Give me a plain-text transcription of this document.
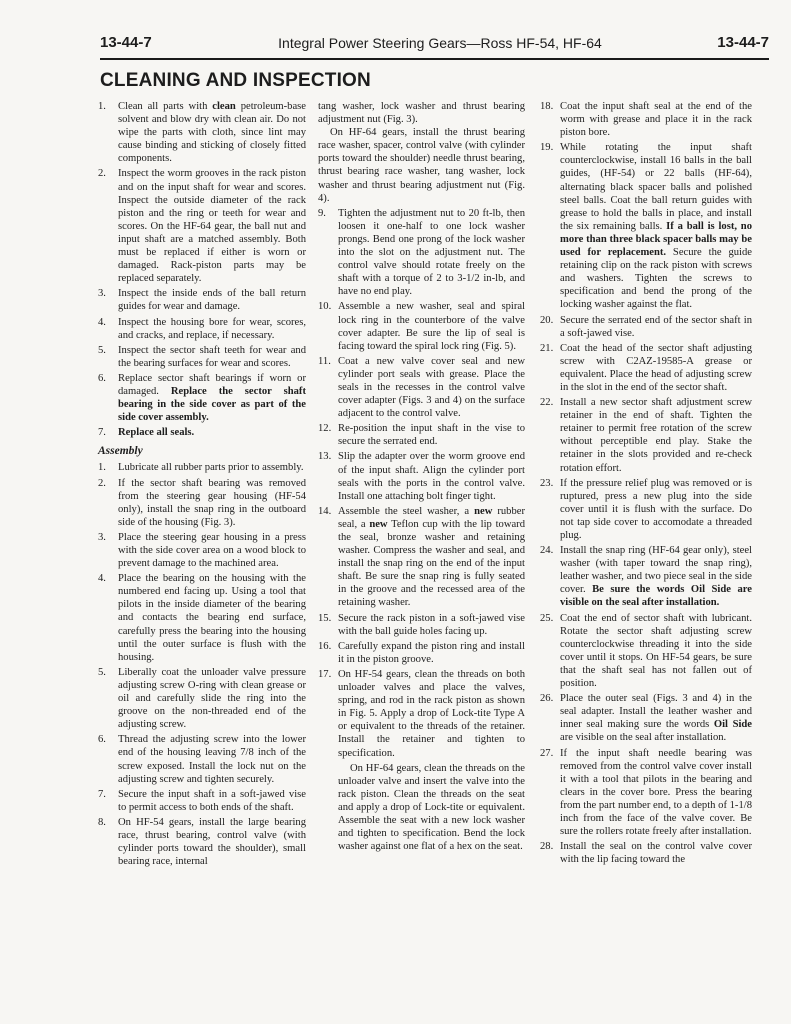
13-44-7	Integral Power Steering Gears—Ross HF-54, HF-64	13-44-7
CLEANING AND INSPECTION
1.	Clean all parts with clean petroleum-base solvent and blow dry with clean air. Do not wipe the parts with cloth, since lint may cause binding and sticking of closely fitted components.
2.	Inspect the worm grooves in the rack piston and on the input shaft for wear and scores. Inspect the outside diameter of the rack piston and the ring or teeth for wear and scores. On the HF-64 gear, the ball nut and input shaft are a matched assembly. Both must be replaced if either is worn or damaged. Rack-piston parts may be replaced separately.
3.	Inspect the inside ends of the ball return guides for wear and damage.
4.	Inspect the housing bore for wear, scores, and cracks, and replace, if necessary.
5.	Inspect the sector shaft teeth for wear and the bearing surfaces for wear and scores.
6.	Replace sector shaft bearings if worn or damaged. Replace the sector shaft bearing in the side cover as part of the side cover assembly.
7.	Replace all seals.
Assembly
1.	Lubricate all rubber parts prior to assembly.
2.	If the sector shaft bearing was removed from the steering gear housing (HF-54 only), install the snap ring in the outboard side of the housing (Fig. 3).
3.	Place the steering gear housing in a press with the side cover area on a wood block to prevent damage to the machined area.
4.	Place the bearing on the housing with the numbered end facing up. Using a tool that pilots in the inside diameter of the bearing and contacts the bearing end surface, carefully press the bearing into the housing until the outer surface is flush with the housing.
5.	Liberally coat the unloader valve pressure adjusting screw O-ring with clean grease or oil and carefully slide the ring into the groove on the non-threaded end of the adjusting screw.
6.	Thread the adjusting screw into the lower end of the housing leaving 7/8 inch of the screw exposed. Install the lock nut on the adjusting screw and tighten securely.
7.	Secure the input shaft in a soft-jawed vise to permit access to both ends of the shaft.
8.	On HF-54 gears, install the large bearing race, thrust bearing, control valve (with cylinder ports toward the shoulder), small bearing race, internal
tang washer, lock washer and thrust bearing adjustment nut (Fig. 3).
On HF-64 gears, install the thrust bearing race washer, spacer, control valve (with cylinder ports toward the shoulder) needle thrust bearing, thrust bearing race washer, tang washer, lock washer and thrust bearing adjustment nut (Fig. 4).
9.	Tighten the adjustment nut to 20 ft-lb, then loosen it one-half to one lock washer prongs. Bend one prong of the lock washer into the slot on the adjustment nut. The control valve should rotate freely on the shaft with a torque of 2 to 3-1/2 in-lb, and have no end play.
10. Assemble a new washer, seal and spiral lock ring in the counterbore of the valve cover adapter. Be sure the lip of seal is facing toward the spiral lock ring (Fig. 5).
11. Coat a new valve cover seal and new cylinder port seals with grease. Place the seals in the recesses in the control valve cover adapter (Figs. 3 and 4) on the surface adjacent to the control valve.
12. Re-position the input shaft in the vise to secure the serrated end.
13. Slip the adapter over the worm groove end of the input shaft. Align the cylinder port seals with the ports in the control valve. Install one attaching bolt finger tight.
14. Assemble the steel washer, a new rubber seal, a new Teflon cup with the lip toward the seal, bronze washer and retaining washer. Compress the washer and seal, and install the snap ring on the end of the input shaft. Be sure the snap ring is fully seated in the groove and the recessed area of the retaining washer.
15. Secure the rack piston in a soft-jawed vise with the ball guide holes facing up.
16. Carefully expand the piston ring and install it in the piston groove.
17. On HF-54 gears, clean the threads on both unloader valves and place the valves, spring, and rod in the rack piston as shown in Fig. 5. Apply a drop of Lock-tite Type A or equivalent to the threads of the retainer. Install the retainer and tighten to specification.
On HF-64 gears, clean the threads on the unloader valve and insert the valve into the rack piston. Clean the threads on the seat and apply a drop of Lock-tite or equivalent. Assemble the seat with a new lock washer and tighten to specification. Bend the lock washer against one flat of a hex on the seat.
18. Coat the input shaft seal at the end of the worm with grease and place it in the rack piston bore.
19. While rotating the input shaft counterclockwise, install 16 balls in the ball guides, (HF-54) or 22 balls (HF-64), alternating black spacer balls and polished steel balls. Coat the ball return guides with grease to hold the balls in place, and install the six remaining balls. If a ball is lost, no more than three black spacer balls may be used for replacement. Secure the guide retaining clip on the rack piston with screws and washers. Tighten the screws to specification and bend the prong of the locking washer against the flat.
20. Secure the serrated end of the sector shaft in a soft-jawed vise.
21. Coat the head of the sector shaft adjusting screw with C2AZ-19585-A grease or equivalent. Place the head of adjusting screw in the slot in the end of the sector shaft.
22. Install a new sector shaft adjustment screw retainer in the end of shaft. Tighten the retainer to permit free rotation of the screw without perceptible end play. Stake the retainer in the slots provided and re-check rotation effort.
23. If the pressure relief plug was removed or is ruptured, press a new plug into the side cover until it is flush with the surface. Do not tap side cover to accomodate a threaded plug.
24. Install the snap ring (HF-64 gear only), steel washer (with taper toward the snap ring), leather washer, and two piece seal in the side cover. Be sure the words Oil Side are visible on the seal after installation.
25. Coat the end of sector shaft with lubricant. Rotate the sector shaft adjusting screw counterclockwise threading it into the side cover until it stops. On HF-54 gears, be sure that the shaft seal has not fallen out of position.
26. Place the outer seal (Figs. 3 and 4) in the seal adapter. Install the leather washer and inner seal making sure the words Oil Side are visible on the seal after installation.
27. If the input shaft needle bearing was removed from the control valve cover install it with a tool that pilots in the bearing and clears in the cover bore. Press the bearing from the part number end, to a depth of 1-1/8 inch from the face of the valve cover. Be sure the rollers rotate freely after installation.
28. Install the seal on the control valve cover with the lip facing toward the
